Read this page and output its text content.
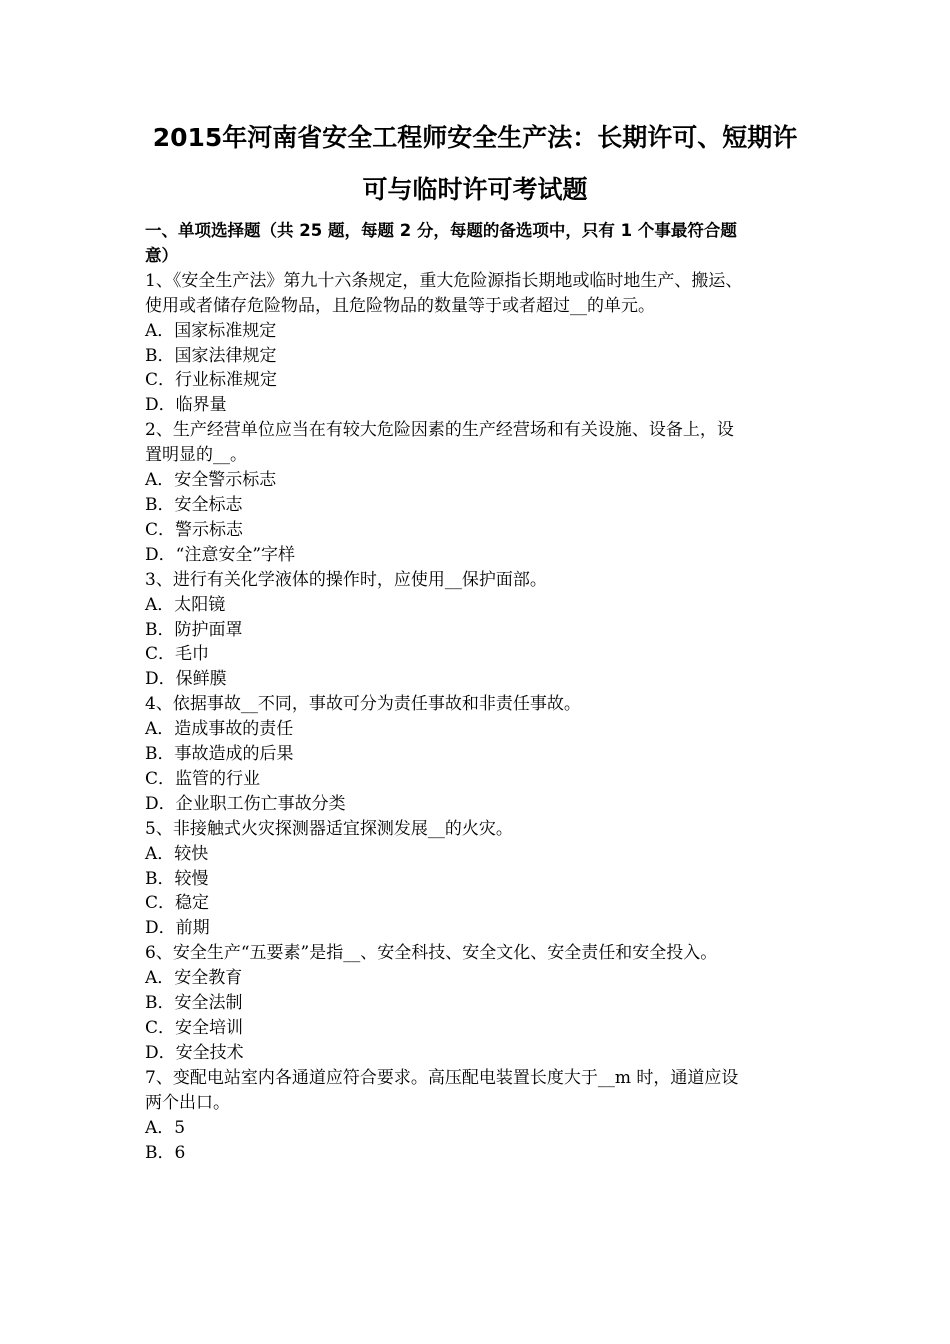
2015年河南省安全工程师安全生产法：长期许可、短期许
可与临时许可考试题
一、单项选择题（共 25 题，每题 2 分，每题的备选项中，只有 1 个事最符合题
意）
1、《安全生产法》第九十六条规定，重大危险源指长期地或临时地生产、搬运、
使用或者储存危险物品，且危险物品的数量等于或者超过__的单元。
A．国家标准规定
B．国家法律规定
C．行业标准规定
D．临界量
2、生产经营单位应当在有较大危险因素的生产经营场和有关设施、设备上，设
置明显的__。
A．安全警示标志
B．安全标志
C．警示标志
D．“注意安全”字样
3、进行有关化学液体的操作时，应使用__保护面部。
A．太阳镜
B．防护面罩
C．毛巾
D．保鲜膜
4、依据事故__不同，事故可分为责任事故和非责任事故。
A．造成事故的责任
B．事故造成的后果
C．监管的行业
D．企业职工伤亡事故分类
5、非接触式火灾探测器适宜探测发展__的火灾。
A．较快
B．较慢
C．稳定
D．前期
6、安全生产“五要素”是指__、安全科技、安全文化、安全责任和安全投入。
A．安全教育
B．安全法制
C．安全培训
D．安全技术
7、变配电站室内各通道应符合要求。高压配电装置长度大于__m 时，通道应设
两个出口。
A．5
B．6
